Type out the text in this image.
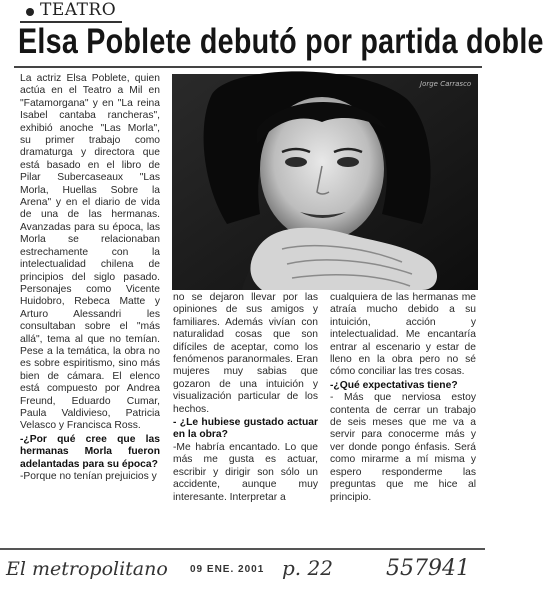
TEATRO
Elsa Poblete debutó por partida doble
Jorge Carrasco

La actriz Elsa Poblete, quien actúa en el Teatro a Mil en "Fatamorgana" y en "La reina Isabel cantaba rancheras", exhibió anoche "Las Morla", su primer trabajo como dramaturga y directora que está basado en el libro de Pilar Subercaseaux "Las Morla, Huellas Sobre la Arena" y en el diario de vida de una de las hermanas. Avanzadas para su época, las Morla se relacionaban estrechamente con la intelectualidad chilena de principios del siglo pasado. Personajes como Vicente Huidobro, Rebeca Matte y Arturo Alessandri les consultaban sobre el "más allá", tema al que no temían. Pese a la temática, la obra no es sobre espiritismo, sino más bien de cámara. El elenco está compuesto por Andrea Freund, Eduardo Cumar, Paula Valdivieso, Patricia Velasco y Francisca Ross.

-¿Por qué cree que las hermanas Morla fueron adelantadas para su época?

-Porque no tenían prejuicios y

no se dejaron llevar por las opiniones de sus amigos y familiares. Además vivían con naturalidad cosas que son difíciles de aceptar, como los fenómenos paranormales. Eran mujeres muy sabias que gozaron de una intuición y visualización particular de los hechos.

- ¿Le hubiese gustado actuar en la obra?

-Me habría encantado. Lo que más me gusta es actuar, escribir y dirigir son sólo un accidente, aunque muy interesante. Interpretar a

cualquiera de las hermanas me atraía mucho debido a su intuición, acción y intelectualidad. Me encantaría entrar al escenario y estar de lleno en la obra pero no sé cómo conciliar las tres cosas.

-¿Qué expectativas tiene?

- Más que nerviosa estoy contenta de cerrar un trabajo de seis meses que me va a servir para conocerme más y ver donde pongo énfasis. Será como mirarme a mí misma y espero responderme las preguntas que me hice al principio.

El metropolitano 09 ENE. 2001 p. 22 557941
